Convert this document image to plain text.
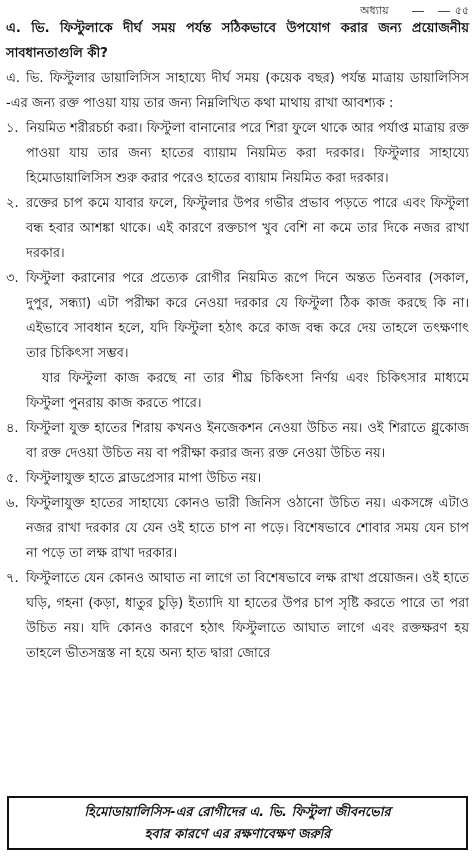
অধ্যায়	৫৫

এ. ভি. ফিস্টুলাকে দীর্ঘ সময় পর্যন্ত সঠিকভাবে উপযোগ করার জন্য প্রয়োজনীয় সাবধানতাগুলি কী?

এ. ভি. ফিস্টুলার ডায়ালিসিস সাহায্যে দীর্ঘ সময় (কয়েক বছর) পর্যন্ত মাত্রায় ডায়ালিসিস -এর জন্য রক্ত পাওয়া যায় তার জন্য নিম্নলিখিত কথা মাথায় রাখা আবশ্যক :

১. নিয়মিত শরীরচর্চা করা। ফিস্টুলা বানানোর পরে শিরা ফুলে থাকে আর পর্যাপ্ত মাত্রায় রক্ত পাওয়া যায় তার জন্য হাতের ব্যায়াম নিয়মিত করা দরকার। ফিস্টুলার সাহায্যে হিমোডায়ালিসিস শুরু করার পরেও হাতের ব্যায়াম নিয়মিত করা দরকার।
২. রক্তের চাপ কমে যাবার ফলে, ফিস্টুলার উপর গভীর প্রভাব পড়তে পারে এবং ফিস্টুলা বন্ধ হবার আশঙ্কা থাকে। এই কারণে রক্তচাপ খুব বেশি না কমে তার দিকে নজর রাখা দরকার।
৩. ফিস্টুলা করানোর পরে প্রত্যেক রোগীর নিয়মিত রূপে দিনে অন্তত তিনবার (সকাল, দুপুর, সন্ধ্যা) এটা পরীক্ষা করে নেওয়া দরকার যে ফিস্টুলা ঠিক কাজ করছে কি না। এইভাবে সাবধান হলে, যদি ফিস্টুলা হঠাৎ করে কাজ বন্ধ করে দেয় তাহলে তৎক্ষণাৎ তার চিকিৎসা সম্ভব।
যার ফিস্টুলা কাজ করছে না তার শীঘ্র চিকিৎসা নির্ণয় এবং চিকিৎসার মাধ্যমে ফিস্টুলা পুনরায় কাজ করতে পারে।
৪. ফিস্টুলা যুক্ত হাতের শিরায় কখনও ইনজেকশন নেওয়া উচিত নয়। ওই শিরাতে গ্লুকোজ বা রক্ত দেওয়া উচিত নয় বা পরীক্ষা করার জন্য রক্ত নেওয়া উচিত নয়।
৫. ফিস্টুলাযুক্ত হাতে ব্লাডপ্রেসার মাপা উচিত নয়।
৬. ফিস্টুলাযুক্ত হাতের সাহায্যে কোনও ভারী জিনিস ওঠানো উচিত নয়। একসঙ্গে এটাও নজর রাখা দরকার যে যেন ওই হাতে চাপ না পড়ে। বিশেষভাবে শোবার সময় যেন চাপ না পড়ে তা লক্ষ রাখা দরকার।
৭. ফিস্টুলাতে যেন কোনও আঘাত না লাগে তা বিশেষভাবে লক্ষ রাখা প্রয়োজন। ওই হাতে ঘড়ি, গহনা (কড়া, ধাতুর চুড়ি) ইত্যাদি যা হাতের উপর চাপ সৃষ্টি করতে পারে তা পরা উচিত নয়। যদি কোনও কারণে হঠাৎ ফিস্টুলাতে আঘাত লাগে এবং রক্তক্ষরণ হয় তাহলে ভীতসন্ত্রস্ত না হয়ে অন্য হাত দ্বারা জোরে
হিমোডায়ালিসিস-এর রোগীদের এ. ভি. ফিস্টুলা জীবনভোর
হবার কারণে এর রক্ষণাবেক্ষণ জরুরি
